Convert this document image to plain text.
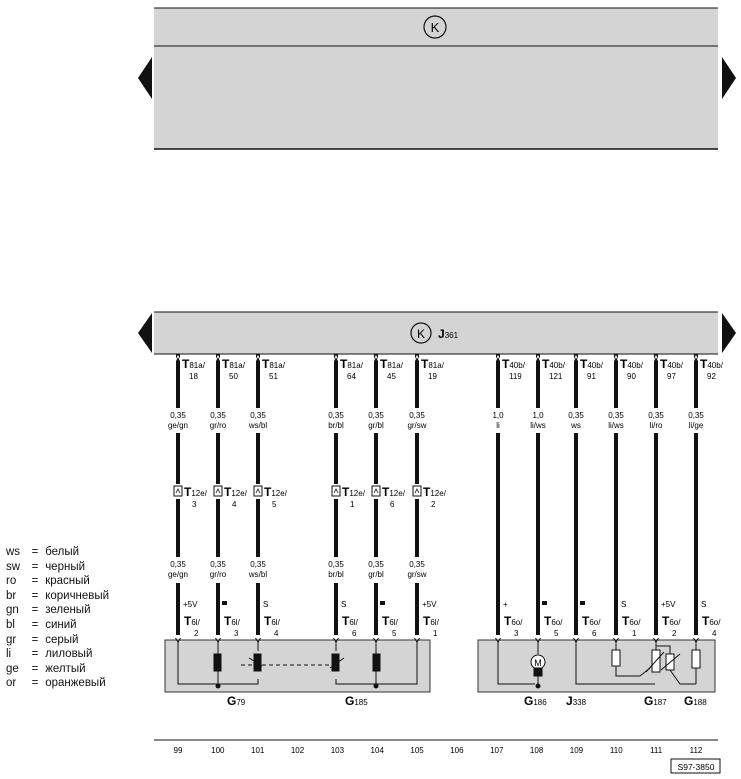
K
K J361
T81a/
18
0,35
ge/gn
T12e/
3
0,35
ge/gn
+5V
T6l/
2
T81a/
50
0,35
gr/ro
T12e/
4
0,35
gr/ro
-
T6l/
3
T81a/
51
0,35
ws/bl
T12e/
5
0,35
ws/bl
S
T6l/
4
T81a/
64
0,35
br/bl
T12e/
1
0,35
br/bl
S
T6l/
6
T81a/
45
0,35
gr/bl
T12e/
6
0,35
gr/bl
-
T6l/
5
T81a/
19
0,35
gr/sw
T12e/
2
0,35
gr/sw
+5V
T6l/
1
T40b/
119
1,0
li
+
T6o/
3
T40b/
121
1,0
li/ws
-
T6o/
5
T40b/
91
0,35
ws
-
T6o/
6
T40b/
90
0,35
li/ws
S
T6o/
1
T40b/
97
0,35
li/ro
+5V
T6o/
2
T40b/
92
0,35
li/ge
S
T6o/
4
G79	G185	G186 J338	G187 G188
99	100	101	102	103	104	105	106	107	108	109	110	111	112
S97-3850
M
ws = белый
sw = черный
ro = красный
br = коричневый
gn = зеленый
bl = синий
gr = серый
li = лиловый
ge = желтый
or = оранжевый
